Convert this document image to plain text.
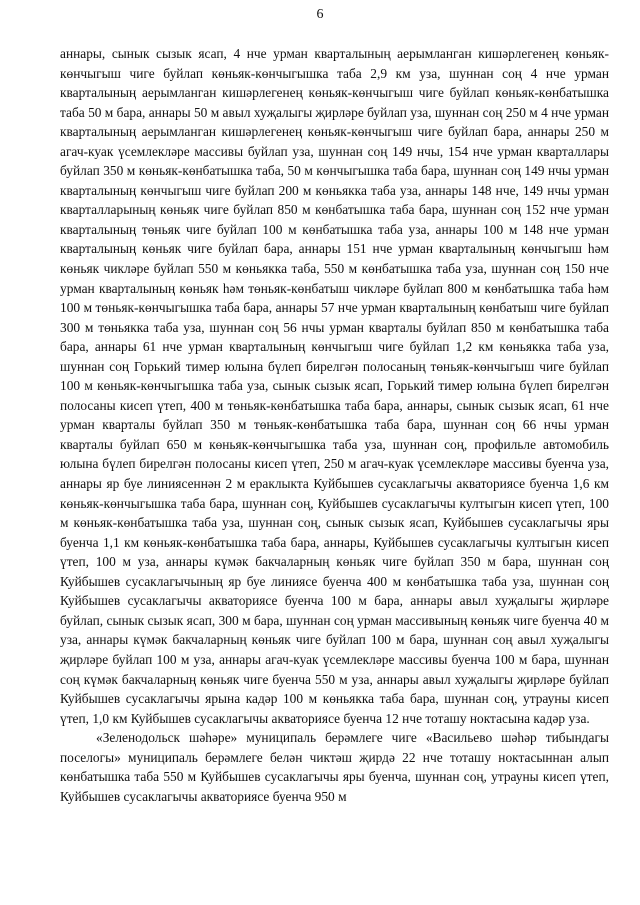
6

аннары, сынык сызык ясап, 4 нче урман кварталының аерымланган кишәрлегенең көньяк-көнчыгыш чиге буйлап көньяк-көнчыгышка таба 2,9 км уза, шуннан соң 4 нче урман кварталының аерымланган кишәрлегенең көньяк-көнчыгыш чиге буйлап көньяк-көнбатышка таба 50 м бара, аннары 50 м авыл хуҗалыгы җирләре буйлап уза, шуннан соң 250 м 4 нче урман кварталының аерымланган кишәрлегенең көньяк-көнчыгыш чиге буйлап бара, аннары 250 м агач-куак үсемлекләре массивы буйлап уза, шуннан соң 149 нчы, 154 нче урман кварталлары буйлап 350 м көньяк-көнбатышка таба, 50 м көнчыгышка таба бара, шуннан соң 149 нчы урман кварталының көнчыгыш чиге буйлап 200 м көньякка таба уза, аннары 148 нче, 149 нчы урман кварталларының көньяк чиге буйлап 850 м көнбатышка таба бара, шуннан соң 152 нче урман кварталының төньяк чиге буйлап 100 м көнбатышка таба уза, аннары 100 м 148 нче урман кварталының көньяк чиге буйлап бара, аннары 151 нче урман кварталының көнчыгыш һәм көньяк чикләре буйлап 550 м көньякка таба, 550 м көнбатышка таба уза, шуннан соң 150 нче урман кварталының көньяк һәм төньяк-көнбатыш чикләре буйлап 800 м көнбатышка таба һәм 100 м төньяк-көнчыгышка таба бара, аннары 57 нче урман кварталының көнбатыш чиге буйлап 300 м төньякка таба уза, шуннан соң 56 нчы урман кварталы буйлап 850 м көнбатышка таба бара, аннары 61 нче урман кварталының көнчыгыш чиге буйлап 1,2 км көньякка таба уза, шуннан соң Горький тимер юлына бүлеп бирелгән полосаның төньяк-көнчыгыш чиге буйлап 100 м көньяк-көнчыгышка таба уза, сынык сызык ясап, Горький тимер юлына бүлеп бирелгән полосаны кисеп үтеп, 400 м төньяк-көнбатышка таба бара, аннары, сынык сызык ясап, 61 нче урман кварталы буйлап 350 м төньяк-көнбатышка таба бара, шуннан соң 66 нчы урман кварталы буйлап 650 м көньяк-көнчыгышка таба уза, шуннан соң, профильле автомобиль юлына бүлеп бирелгән полосаны кисеп үтеп, 250 м агач-куак үсемлекләре массивы буенча уза, аннары яр буе линиясеннән 2 м ераклыкта Куйбышев сусаклагычы акваториясе буенча 1,6 км көньяк-көнчыгышка таба бара, шуннан соң, Куйбышев сусаклагычы култыгын кисеп үтеп, 100 м көньяк-көнбатышка таба уза, шуннан соң, сынык сызык ясап, Куйбышев сусаклагычы яры буенча 1,1 км көньяк-көнбатышка таба бара, аннары, Куйбышев сусаклагычы култыгын кисеп үтеп, 100 м уза, аннары күмәк бакчаларның көньяк чиге буйлап 350 м бара, шуннан соң Куйбышев сусаклагычының яр буе линиясе буенча 400 м көнбатышка таба уза, шуннан соң Куйбышев сусаклагычы акваториясе буенча 100 м бара, аннары авыл хуҗалыгы җирләре буйлап, сынык сызык ясап, 300 м бара, шуннан соң урман массивының көньяк чиге буенча 40 м уза, аннары күмәк бакчаларның көньяк чиге буйлап 100 м бара, шуннан соң авыл хуҗалыгы җирләре буйлап 100 м уза, аннары агач-куак үсемлекләре массивы буенча 100 м бара, шуннан соң күмәк бакчаларның көньяк чиге буенча 550 м уза, аннары авыл хуҗалыгы җирләре буйлап Куйбышев сусаклагычы ярына кадәр 100 м көньякка таба бара, шуннан соң, утрауны кисеп үтеп, 1,0 км Куйбышев сусаклагычы акваториясе буенча 12 нче тоташу ноктасына кадәр уза.

«Зеленодольск шәһәре» муниципаль берәмлеге чиге «Васильево шәһәр тибындагы поселогы» муниципаль берәмлеге белән чиктәш җирдә 22 нче тоташу ноктасыннан алып көнбатышка таба 550 м Куйбышев сусаклагычы яры буенча, шуннан соң, утрауны кисеп үтеп, Куйбышев сусаклагычы акваториясе буенча 950 м
